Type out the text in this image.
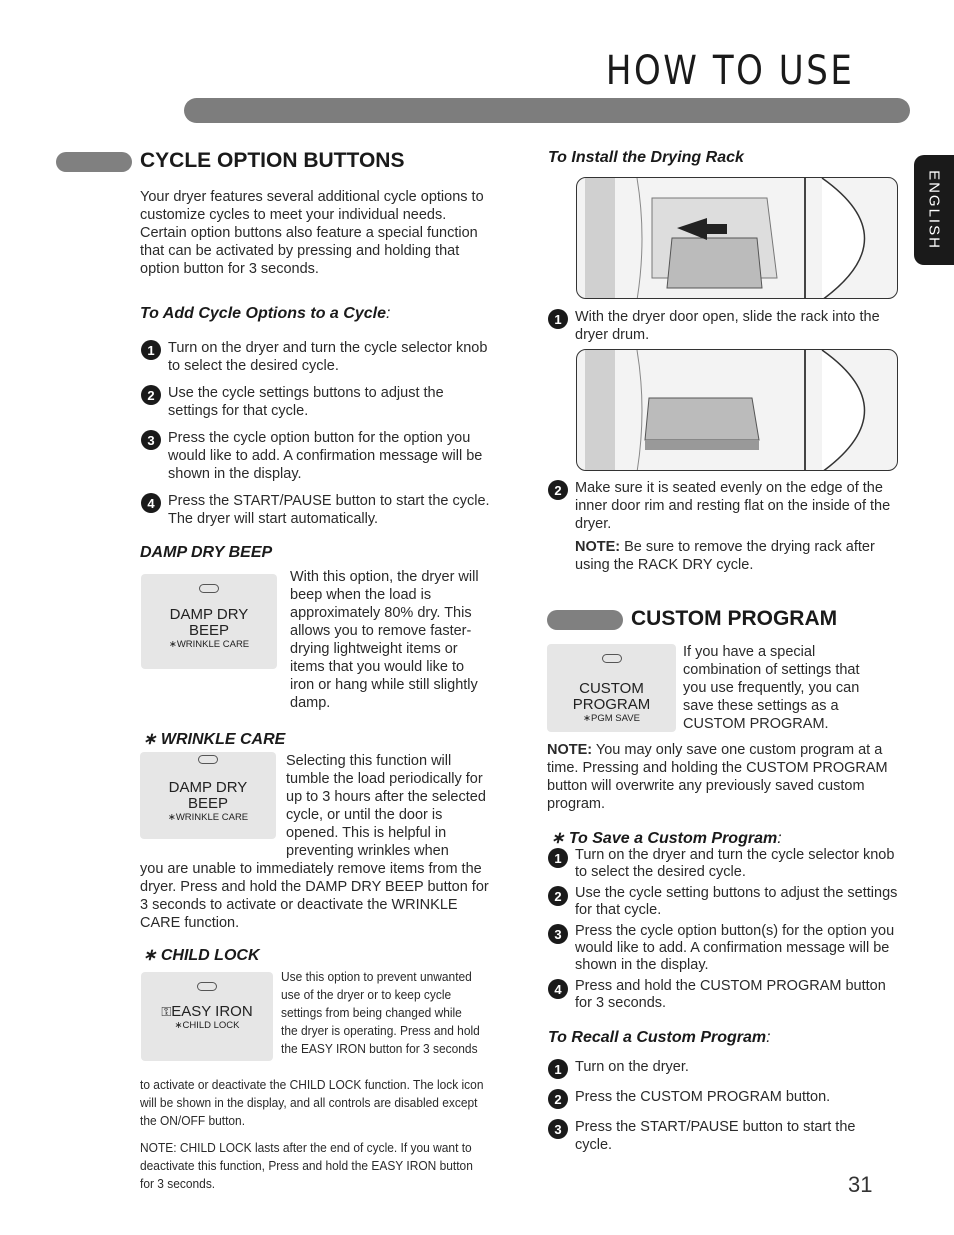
HOW TO USE
ENGLISH
CYCLE OPTION BUTTONS
Your dryer features several additional cycle options to customize cycles to meet your individual needs. Certain option buttons also feature a special function that can be activated by pressing and holding that option button for 3 seconds.
To Add Cycle Options to a Cycle:
1 Turn on the dryer and turn the cycle selector knob to select the desired cycle.
2 Use the cycle settings buttons to adjust the settings for that cycle.
3 Press the cycle option button for the option you would like to add. A confirmation message will be shown in the display.
4 Press the START/PAUSE button to start the cycle. The dryer will start automatically.
DAMP DRY BEEP
DAMP DRY BEEP
∗WRINKLE CARE
With this option, the dryer will beep when the load is approximately 80% dry. This allows you to remove faster-drying lightweight items or items that you would like to iron or hang while still slightly damp.
∗ WRINKLE CARE
DAMP DRY BEEP
∗WRINKLE CARE
Selecting this function will tumble the load periodically for up to 3 hours after the selected cycle, or until the door is opened. This is helpful in preventing wrinkles when
you are unable to immediately remove items from the dryer. Press and hold the DAMP DRY BEEP button for 3 seconds to activate or deactivate the WRINKLE CARE function.
∗ CHILD LOCK
⚿EASY IRON
∗CHILD LOCK
Use this option to prevent unwanted use of the dryer or to keep cycle settings from being changed while the dryer is operating. Press and hold the EASY IRON button for 3 seconds
to activate or deactivate the CHILD LOCK function. The lock icon will be shown in the display, and all controls are disabled except the ON/OFF button.
NOTE: CHILD LOCK lasts after the end of cycle. If you want to deactivate this function, Press and hold the EASY IRON button for 3 seconds.
To Install the Drying Rack
1 With the dryer door open, slide the rack into the dryer drum.
2 Make sure it is seated evenly on the edge of the inner door rim and resting flat on the inside of the dryer.
NOTE: Be sure to remove the drying rack after using the RACK DRY cycle.
CUSTOM PROGRAM
CUSTOM PROGRAM
∗PGM SAVE
If you have a special combination of settings that you use frequently, you can save these settings as a CUSTOM PROGRAM.
NOTE: You may only save one custom program at a time. Pressing and holding the CUSTOM PROGRAM button will overwrite any previously saved custom program.
∗ To Save a Custom Program:
1 Turn on the dryer and turn the cycle selector knob to select the desired cycle.
2 Use the cycle setting buttons to adjust the settings for that cycle.
3 Press the cycle option button(s) for the option you would like to add. A confirmation message will be shown in the display.
4 Press and hold the CUSTOM PROGRAM button for 3 seconds.
To Recall a Custom Program:
1 Turn on the dryer.
2 Press the CUSTOM PROGRAM button.
3 Press the START/PAUSE button to start the cycle.
31
